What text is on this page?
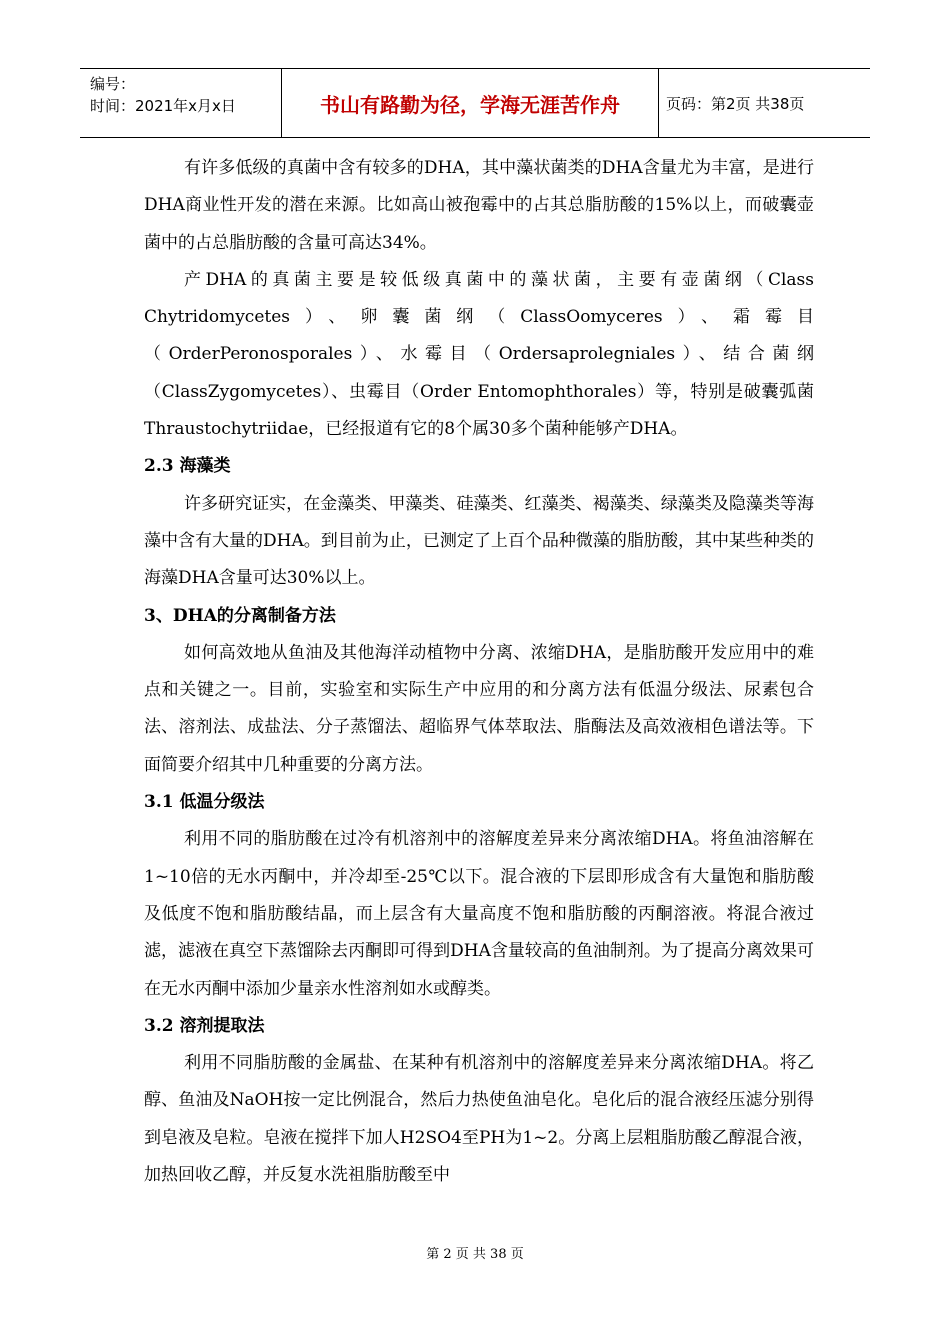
编号：
时间：2021年x月x日	书山有路勤为径，学海无涯苦作舟	页码：第2页 共38页

有许多低级的真菌中含有较多的DHA，其中藻状菌类的DHA含量尤为丰富，是进行DHA商业性开发的潜在来源。比如高山被孢霉中的占其总脂肪酸的15%以上，而破囊壶菌中的占总脂肪酸的含量可高达34%。

产DHA的真菌主要是较低级真菌中的藻状菌，主要有壶菌纲（Class Chytridomycetes）、卵囊菌纲（ClassOomyceres）、霜霉目（OrderPeronosporales）、水霉目（Ordersaprolegniales）、结合菌纲（ClassZygomycetes）、虫霉目（Order Entomophthorales）等，特别是破囊弧菌Thraustochytriidae，已经报道有它的8个属30多个菌种能够产DHA。

2.3 海藻类

许多研究证实，在金藻类、甲藻类、硅藻类、红藻类、褐藻类、绿藻类及隐藻类等海藻中含有大量的DHA。到目前为止，已测定了上百个品种微藻的脂肪酸，其中某些种类的海藻DHA含量可达30%以上。

3、DHA的分离制备方法

如何高效地从鱼油及其他海洋动植物中分离、浓缩DHA，是脂肪酸开发应用中的难点和关键之一。目前，实验室和实际生产中应用的和分离方法有低温分级法、尿素包合法、溶剂法、成盐法、分子蒸馏法、超临界气体萃取法、脂酶法及高效液相色谱法等。下面简要介绍其中几种重要的分离方法。

3.1 低温分级法

利用不同的脂肪酸在过冷有机溶剂中的溶解度差异来分离浓缩DHA。将鱼油溶解在1~10倍的无水丙酮中，并冷却至-25℃以下。混合液的下层即形成含有大量饱和脂肪酸及低度不饱和脂肪酸结晶，而上层含有大量高度不饱和脂肪酸的丙酮溶液。将混合液过滤，滤液在真空下蒸馏除去丙酮即可得到DHA含量较高的鱼油制剂。为了提高分离效果可在无水丙酮中添加少量亲水性溶剂如水或醇类。

3.2 溶剂提取法

利用不同脂肪酸的金属盐、在某种有机溶剂中的溶解度差异来分离浓缩DHA。将乙醇、鱼油及NaOH按一定比例混合，然后力热使鱼油皂化。皂化后的混合液经压滤分别得到皂液及皂粒。皂液在搅拌下加人H2SO4至PH为1~2。分离上层粗脂肪酸乙醇混合液，加热回收乙醇，并反复水洗祖脂肪酸至中

第 2 页 共 38 页
